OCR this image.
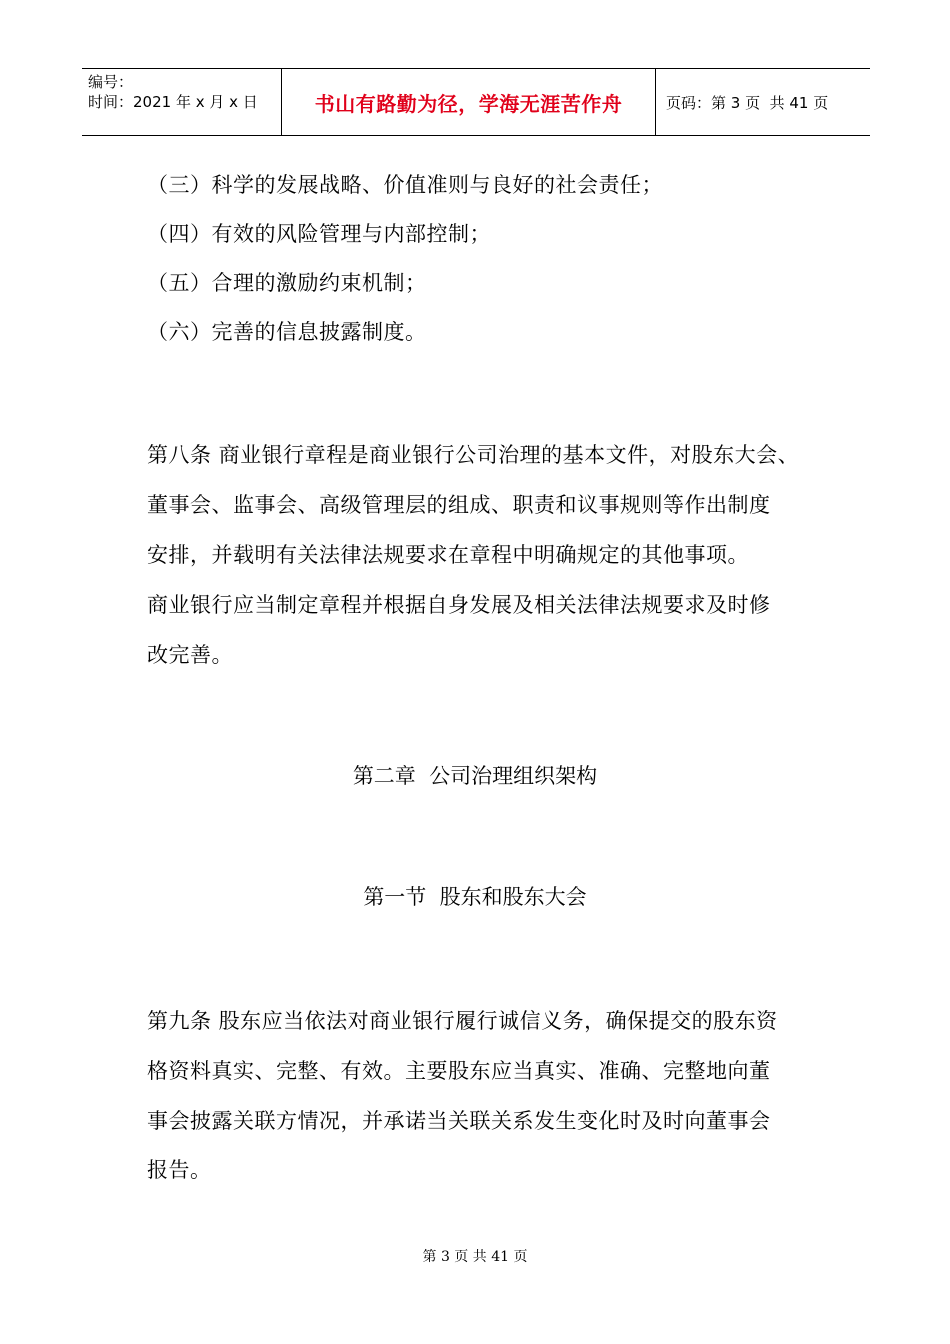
编号：
时间：2021 年 x 月 x 日	书山有路勤为径，学海无涯苦作舟	页码：第 3 页  共 41 页
（三）科学的发展战略、价值准则与良好的社会责任；
（四）有效的风险管理与内部控制；
（五）合理的激励约束机制；
（六）完善的信息披露制度。
第八条 商业银行章程是商业银行公司治理的基本文件，对股东大会、
董事会、监事会、高级管理层的组成、职责和议事规则等作出制度
安排，并载明有关法律法规要求在章程中明确规定的其他事项。
商业银行应当制定章程并根据自身发展及相关法律法规要求及时修
改完善。
第二章  公司治理组织架构
第一节  股东和股东大会
第九条 股东应当依法对商业银行履行诚信义务，确保提交的股东资
格资料真实、完整、有效。主要股东应当真实、准确、完整地向董
事会披露关联方情况，并承诺当关联关系发生变化时及时向董事会
报告。
第 3 页 共 41 页
